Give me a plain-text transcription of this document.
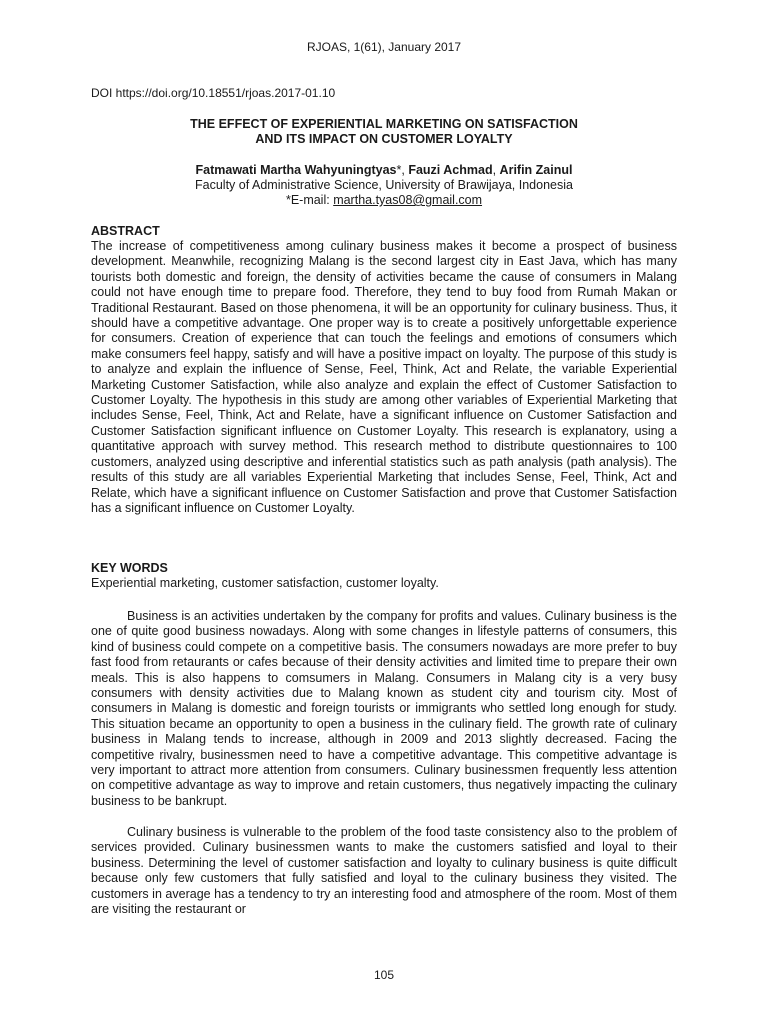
RJOAS, 1(61), January 2017
DOI https://doi.org/10.18551/rjoas.2017-01.10
THE EFFECT OF EXPERIENTIAL MARKETING ON SATISFACTION
AND ITS IMPACT ON CUSTOMER LOYALTY
Fatmawati Martha Wahyuningtyas*, Fauzi Achmad, Arifin Zainul
Faculty of Administrative Science, University of Brawijaya, Indonesia
*E-mail: martha.tyas08@gmail.com
ABSTRACT

The increase of competitiveness among culinary business makes it become a prospect of business development. Meanwhile, recognizing Malang is the second largest city in East Java, which has many tourists both domestic and foreign, the density of activities became the cause of consumers in Malang could not have enough time to prepare food. Therefore, they tend to buy food from Rumah Makan or Traditional Restaurant. Based on those phenomena, it will be an opportunity for culinary business. Thus, it should have a competitive advantage. One proper way is to create a positively unforgettable experience for consumers. Creation of experience that can touch the feelings and emotions of consumers which make consumers feel happy, satisfy and will have a positive impact on loyalty. The purpose of this study is to analyze and explain the influence of Sense, Feel, Think, Act and Relate, the variable Experiential Marketing Customer Satisfaction, while also analyze and explain the effect of Customer Satisfaction to Customer Loyalty. The hypothesis in this study are among other variables of Experiential Marketing that includes Sense, Feel, Think, Act and Relate, have a significant influence on Customer Satisfaction and Customer Satisfaction significant influence on Customer Loyalty. This research is explanatory, using a quantitative approach with survey method. This research method to distribute questionnaires to 100 customers, analyzed using descriptive and inferential statistics such as path analysis (path analysis). The results of this study are all variables Experiential Marketing that includes Sense, Feel, Think, Act and Relate, which have a significant influence on Customer Satisfaction and prove that Customer Satisfaction has a significant influence on Customer Loyalty.

KEY WORDS

Experiential marketing, customer satisfaction, customer loyalty.

Business is an activities undertaken by the company for profits and values. Culinary business is the one of quite good business nowadays. Along with some changes in lifestyle patterns of consumers, this kind of business could compete on a competitive basis. The consumers nowadays are more prefer to buy fast food from retaurants or cafes because of their density activities and limited time to prepare their own meals. This is also happens to comsumers in Malang. Consumers in Malang city is a very busy consumers with density activities due to Malang known as student city and tourism city. Most of consumers in Malang is domestic and foreign tourists or immigrants who settled long enough for study. This situation became an opportunity to open a business in the culinary field. The growth rate of culinary business in Malang tends to increase, although in 2009 and 2013 slightly decreased. Facing the competitive rivalry, businessmen need to have a competitive advantage. This competitive advantage is very important to attract more attention from consumers. Culinary businessmen frequently less attention on competitive advantage as way to improve and retain customers, thus negatively impacting the culinary business to be bankrupt.

Culinary business is vulnerable to the problem of the food taste consistency also to the problem of services provided. Culinary businessmen wants to make the customers satisfied and loyal to their business. Determining the level of customer satisfaction and loyalty to culinary business is quite difficult because only few customers that fully satisfied and loyal to the culinary business they visited. The customers in average has a tendency to try an interesting food and atmosphere of the room. Most of them are visiting the restaurant or

105
